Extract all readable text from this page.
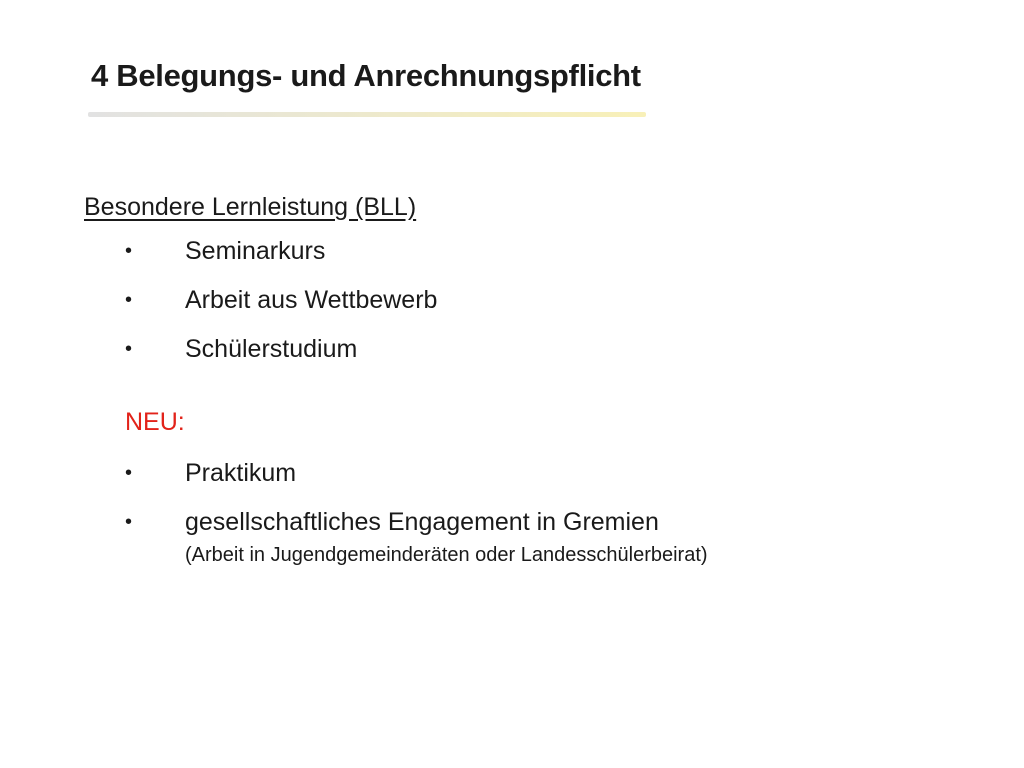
4 Belegungs- und Anrechnungspflicht
Besondere Lernleistung (BLL)
• Seminarkurs
• Arbeit aus Wettbewerb
• Schülerstudium
NEU:
• Praktikum
• gesellschaftliches Engagement in Gremien
(Arbeit in Jugendgemeinderäten oder Landesschülerbeirat)
